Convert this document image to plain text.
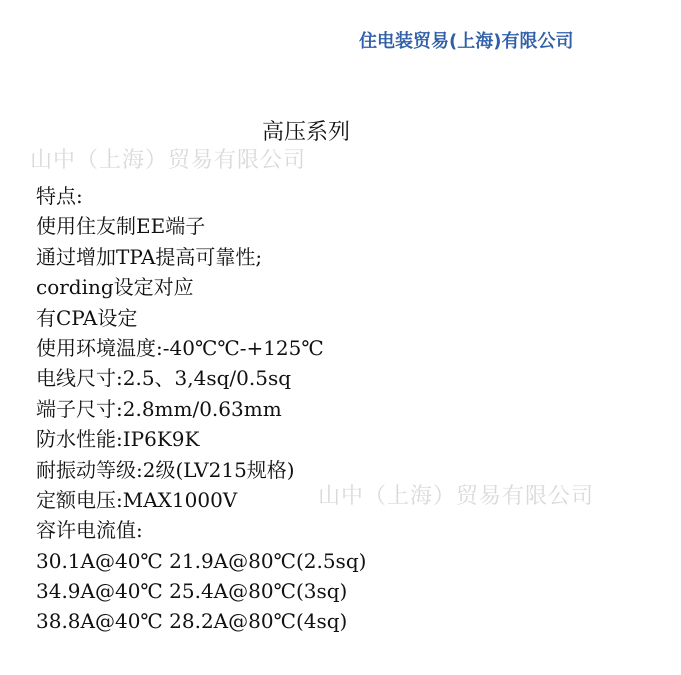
住电装贸易(上海)有限公司
山中（上海）贸易有限公司
山中（上海）贸易有限公司
高压系列
特点:
使用住友制EE端子
通过增加TPA提高可靠性;
cording设定对应
有CPA设定
使用环境温度:-40℃℃-+125℃
电线尺寸:2.5、3,4sq/0.5sq
端子尺寸:2.8mm/0.63mm
防水性能:IP6K9K
耐振动等级:2级(LV215规格)
定额电压:MAX1000V
容许电流值:
30.1A@40℃ 21.9A@80℃(2.5sq)
34.9A@40℃ 25.4A@80℃(3sq)
38.8A@40℃ 28.2A@80℃(4sq)
